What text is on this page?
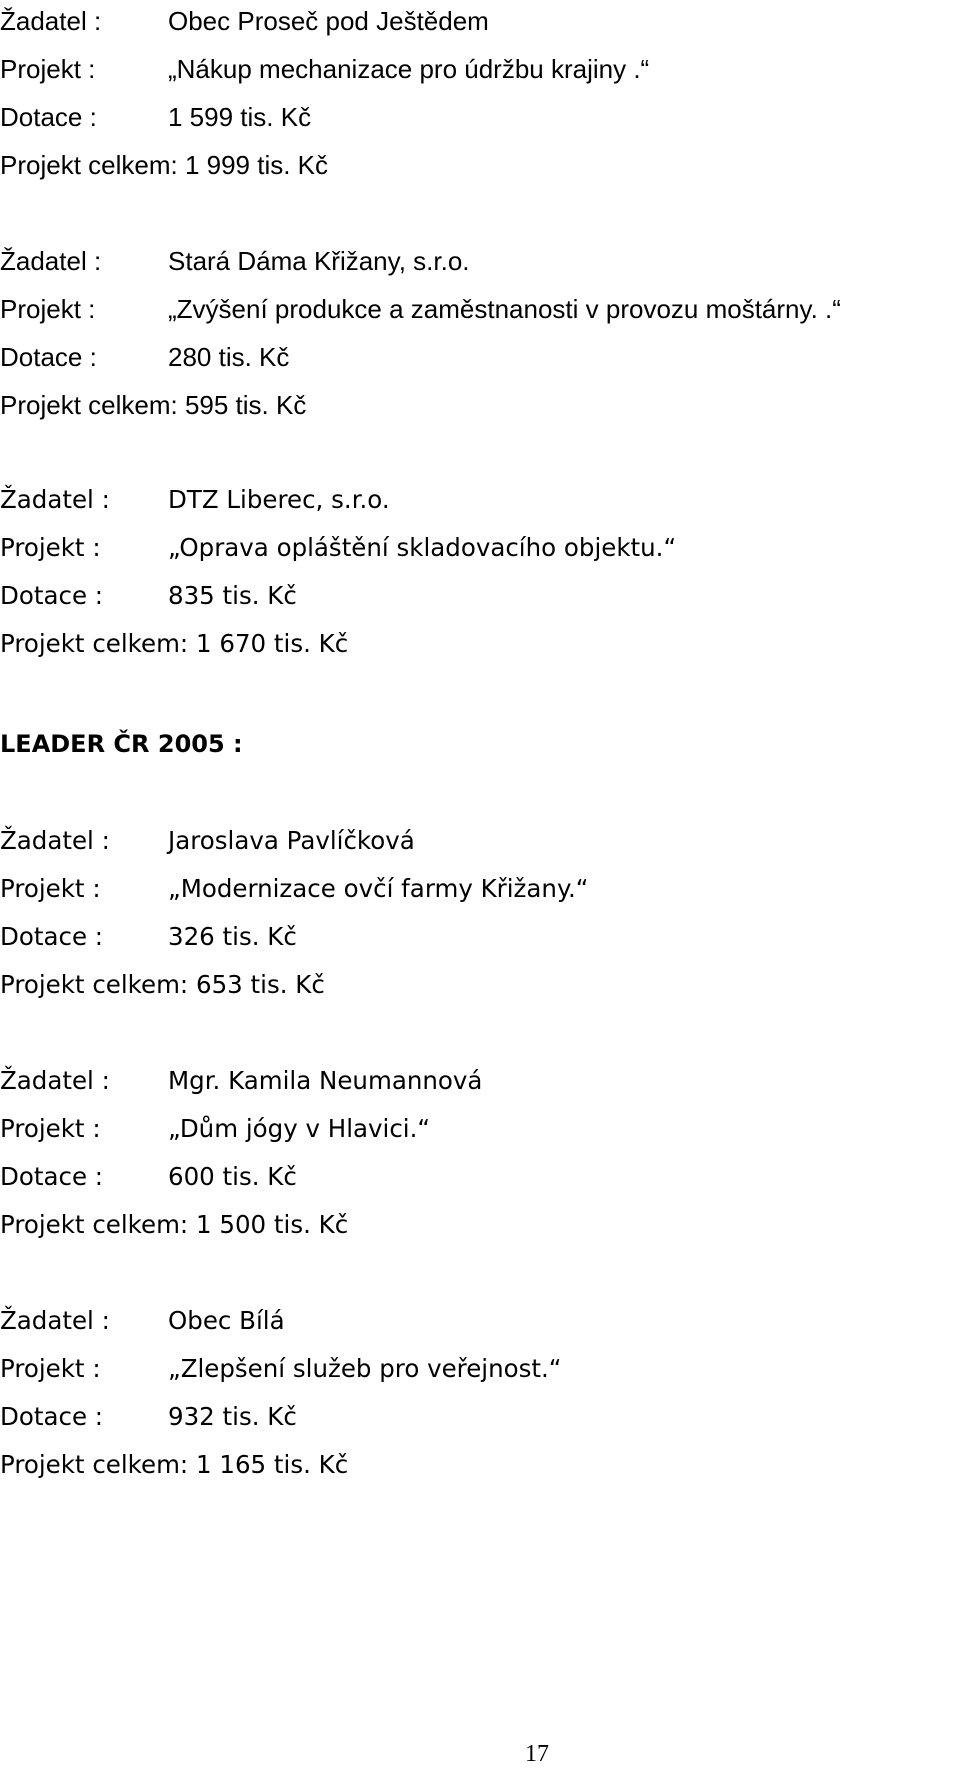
Žadatel :	Obec Proseč pod Ještědem
Projekt :	„Nákup mechanizace pro údržbu krajiny .“
Dotace :	1 599 tis. Kč
Projekt celkem: 1 999 tis. Kč
Žadatel :	Stará Dáma Křižany, s.r.o.
Projekt :	„Zvýšení produkce a zaměstnanosti v provozu moštárny. .“
Dotace :	280 tis. Kč
Projekt celkem: 595 tis. Kč
Žadatel : DTZ Liberec, s.r.o.
Projekt :	„Oprava opláštění skladovacího objektu.“
Dotace :	835 tis. Kč
Projekt celkem: 1 670 tis. Kč
LEADER ČR 2005 :
Žadatel : Jaroslava Pavlíčková
Projekt :	„Modernizace ovčí farmy Křižany.“
Dotace :	326 tis. Kč
Projekt celkem: 653 tis. Kč
Žadatel : Mgr. Kamila Neumannová
Projekt :	„Dům jógy v Hlavici.“
Dotace :	600 tis. Kč
Projekt celkem: 1 500 tis. Kč
Žadatel : Obec Bílá
Projekt :	„Zlepšení služeb pro veřejnost.“
Dotace :	932 tis. Kč
Projekt celkem: 1 165 tis. Kč
17
